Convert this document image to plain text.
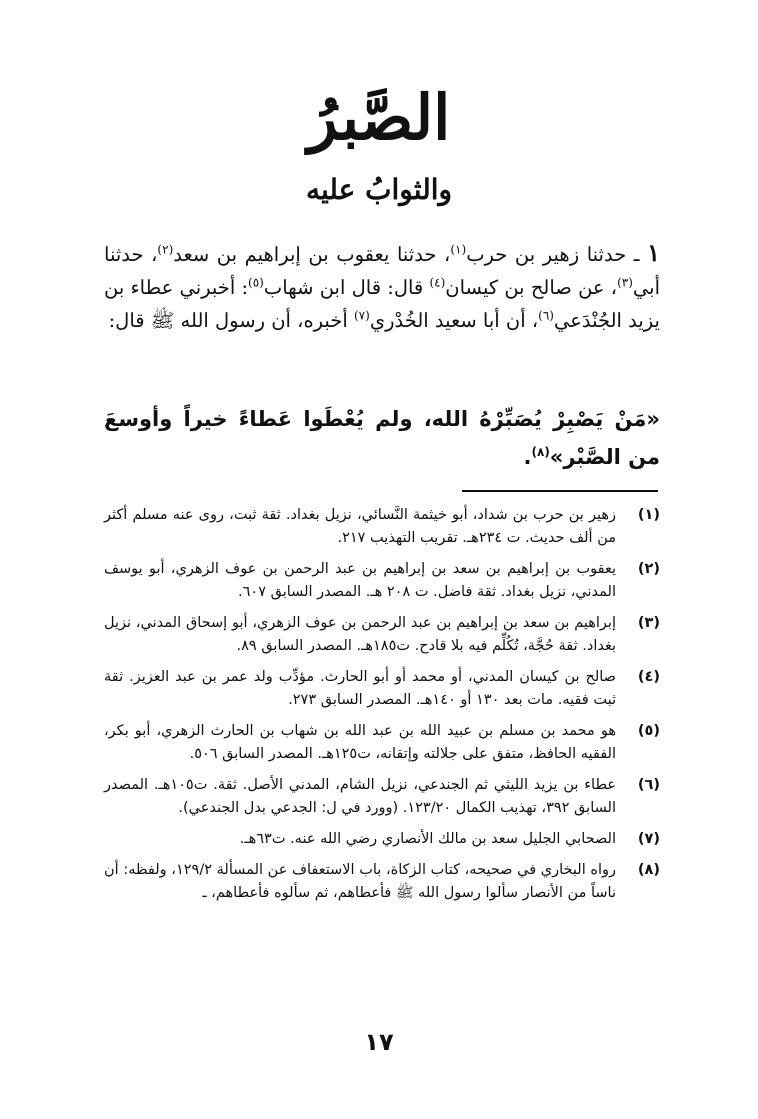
الصَّبرُ
والثوابُ عليه

١ ـ حدثنا زهير بن حرب$^{(١)}$، حدثنا يعقوب بن إبراهيم بن سعد$^{(٢)}$، حدثنا أبي$^{(٣)}$، عن صالح بن كيسان$^{(٤)}$ قال: قال ابن شهاب$^{(٥)}$: أخبرني عطاء بن يزيد الجُنْدَعي$^{(٦)}$، أن أبا سعيد الخُدْري$^{(٧)}$ أخبره، أن رسول الله ﷺ قال:

«مَنْ يَصْبِرْ يُصَبِّرْهُ الله، ولم يُعْطَوا عَطاءً خيراً وأوسعَ من الصَّبْر»$^{(٨)}$.
(١)
زهير بن حرب بن شداد، أبو خيثمة النَّسائي، نزيل بغداد. ثقة ثبت، روى عنه مسلم أكثر من ألف حديث. ت ٢٣٤هـ. تقريب التهذيب ٢١٧.
(٢)
يعقوب بن إبراهيم بن سعد بن إبراهيم بن عبد الرحمن بن عوف الزهري، أبو يوسف المدني، نزيل بغداد. ثقة فاضل. ت ٢٠٨ هـ. المصدر السابق ٦٠٧.
(٣)
إبراهيم بن سعد بن إبراهيم بن عبد الرحمن بن عوف الزهري، أبو إسحاق المدني، نزيل بغداد. ثقة حُجَّة، تُكُلِّم فيه بلا قادح. ت١٨٥هـ. المصدر السابق ٨٩.
(٤)
صالح بن كيسان المدني، أو محمد أو أبو الحارث. مؤدِّب ولد عمر بن عبد العزيز. ثقة ثبت فقيه. مات بعد ١٣٠ أو ١٤٠هـ. المصدر السابق ٢٧٣.
(٥)
هو محمد بن مسلم بن عبيد الله بن عبد الله بن شهاب بن الحارث الزهري، أبو بكر، الفقيه الحافظ، متفق على جلالته وإتقانه، ت١٢٥هـ. المصدر السابق ٥٠٦.
(٦)
عطاء بن يزيد الليثي ثم الجندعي، نزيل الشام، المدني الأصل. ثقة. ت١٠٥هـ. المصدر السابق ٣٩٢، تهذيب الكمال ١٢٣/٢٠. (وورد في ل: الجدعي بدل الجندعي).
(٧)
الصحابي الجليل سعد بن مالك الأنصاري رضي الله عنه. ت٦٣هـ.
(٨)
رواه البخاري في صحيحه، كتاب الزكاة، باب الاستعفاف عن المسألة ١٢٩/٢، ولفظه: أن ناساً من الأنصار سألوا رسول الله ﷺ فأعطاهم، ثم سألوه فأعطاهم، ـ
١٧
